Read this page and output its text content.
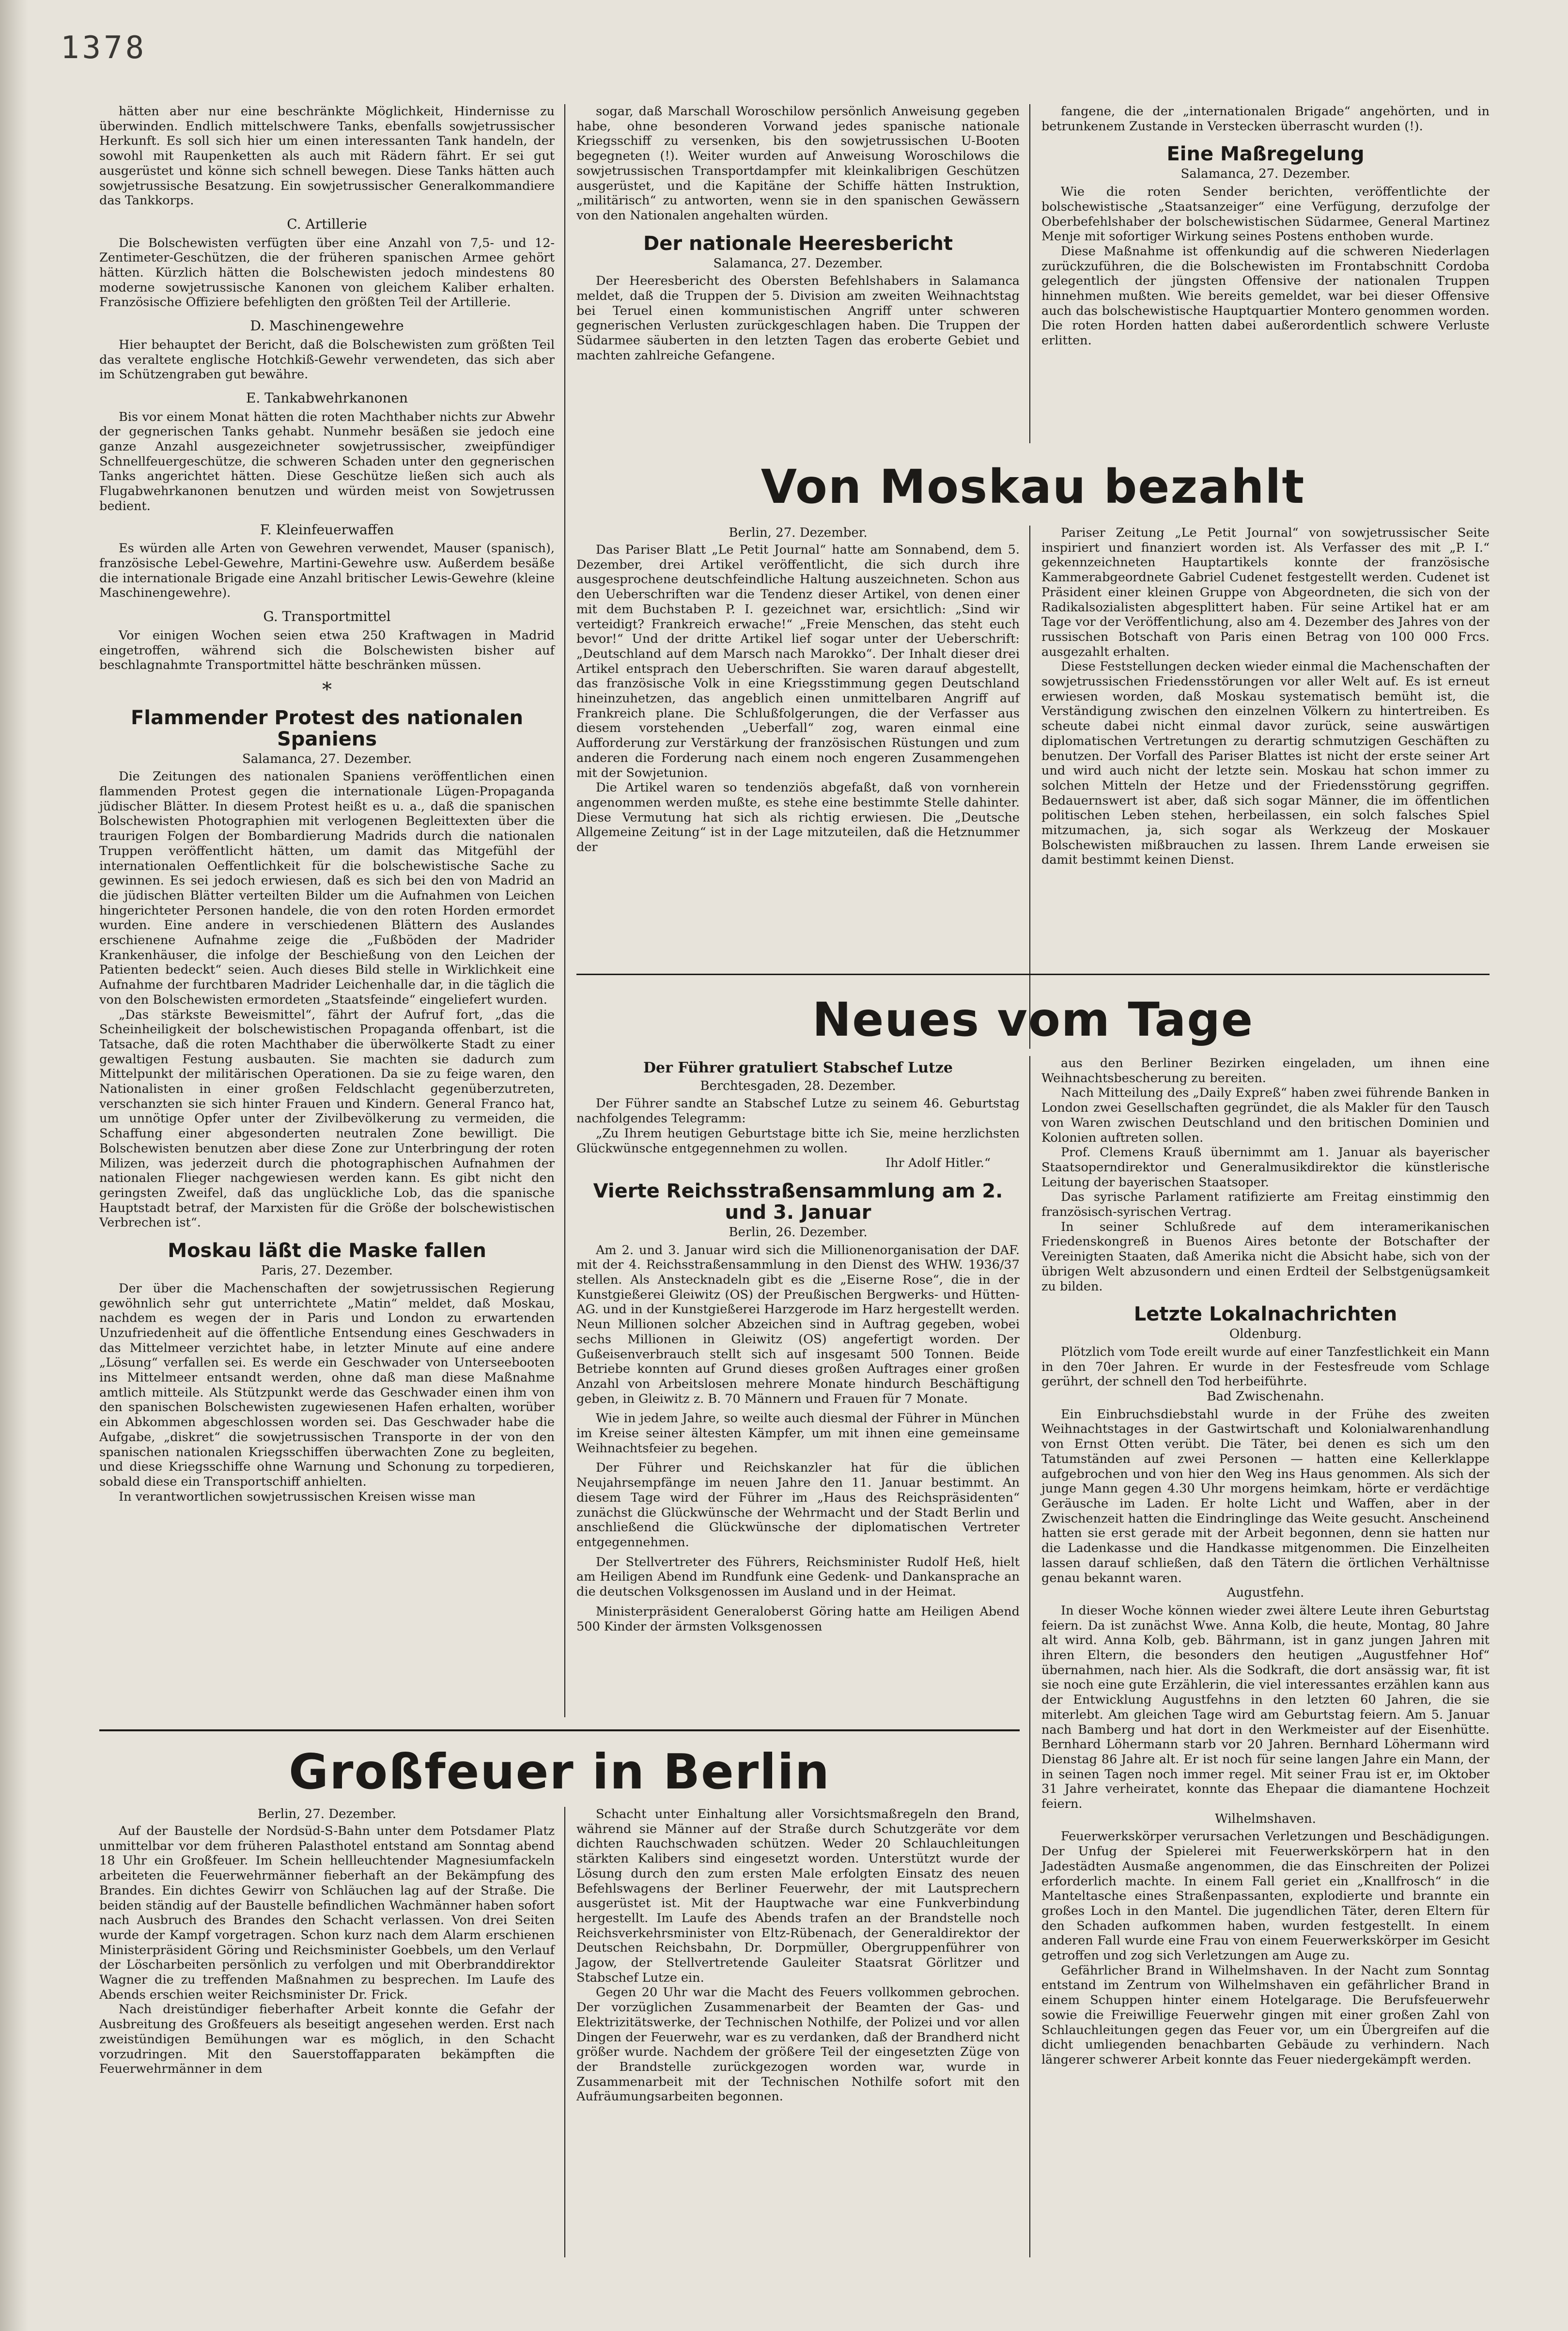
1378

hätten aber nur eine beschränkte Möglichkeit, Hindernisse zu überwinden. Endlich mittelschwere Tanks, ebenfalls sowjetrussischer Herkunft. Es soll sich hier um einen interessanten Tank handeln, der sowohl mit Raupenketten als auch mit Rädern fährt. Er sei gut ausgerüstet und könne sich schnell bewegen. Diese Tanks hätten auch sowjetrussische Besatzung. Ein sowjetrussischer Generalkommandiere das Tankkorps.

C. Artillerie

Die Bolschewisten verfügten über eine Anzahl von 7,5- und 12-Zentimeter-Geschützen, die der früheren spanischen Armee gehört hätten. Kürzlich hätten die Bolschewisten jedoch mindestens 80 moderne sowjetrussische Kanonen von gleichem Kaliber erhalten. Französische Offiziere befehligten den größten Teil der Artillerie.

D. Maschinengewehre

Hier behauptet der Bericht, daß die Bolschewisten zum größten Teil das veraltete englische Hotchkiß-Gewehr verwendeten, das sich aber im Schützengraben gut bewähre.

E. Tankabwehrkanonen

Bis vor einem Monat hätten die roten Machthaber nichts zur Abwehr der gegnerischen Tanks gehabt. Nunmehr besäßen sie jedoch eine ganze Anzahl ausgezeichneter sowjetrussischer, zweipfündiger Schnellfeuergeschütze, die schweren Schaden unter den gegnerischen Tanks angerichtet hätten. Diese Geschütze ließen sich auch als Flugabwehrkanonen benutzen und würden meist von Sowjetrussen bedient.

F. Kleinfeuerwaffen

Es würden alle Arten von Gewehren verwendet, Mauser (spanisch), französische Lebel-Gewehre, Martini-Gewehre usw. Außerdem besäße die internationale Brigade eine Anzahl britischer Lewis-Gewehre (kleine Maschinengewehre).

G. Transportmittel

Vor einigen Wochen seien etwa 250 Kraftwagen in Madrid eingetroffen, während sich die Bolschewisten bisher auf beschlagnahmte Transportmittel hätte beschränken müssen.

*
Flammender Protest des nationalen Spaniens
Salamanca, 27. Dezember.

Die Zeitungen des nationalen Spaniens veröffentlichen einen flammenden Protest gegen die internationale Lügen-Propaganda jüdischer Blätter. In diesem Protest heißt es u. a., daß die spanischen Bolschewisten Photographien mit verlogenen Begleittexten über die traurigen Folgen der Bombardierung Madrids durch die nationalen Truppen veröffentlicht hätten, um damit das Mitgefühl der internationalen Oeffentlichkeit für die bolschewistische Sache zu gewinnen. Es sei jedoch erwiesen, daß es sich bei den von Madrid an die jüdischen Blätter verteilten Bilder um die Aufnahmen von Leichen hingerichteter Personen handele, die von den roten Horden ermordet wurden. Eine andere in verschiedenen Blättern des Auslandes erschienene Aufnahme zeige die „Fußböden der Madrider Krankenhäuser, die infolge der Beschießung von den Leichen der Patienten bedeckt“ seien. Auch dieses Bild stelle in Wirklichkeit eine Aufnahme der furchtbaren Madrider Leichenhalle dar, in die täglich die von den Bolschewisten ermordeten „Staatsfeinde“ eingeliefert wurden.

„Das stärkste Beweismittel“, fährt der Aufruf fort, „das die Scheinheiligkeit der bolschewistischen Propaganda offenbart, ist die Tatsache, daß die roten Machthaber die überwölkerte Stadt zu einer gewaltigen Festung ausbauten. Sie machten sie dadurch zum Mittelpunkt der militärischen Operationen. Da sie zu feige waren, den Nationalisten in einer großen Feldschlacht gegenüberzutreten, verschanzten sie sich hinter Frauen und Kindern. General Franco hat, um unnötige Opfer unter der Zivilbevölkerung zu vermeiden, die Schaffung einer abgesonderten neutralen Zone bewilligt. Die Bolschewisten benutzen aber diese Zone zur Unterbringung der roten Milizen, was jederzeit durch die photographischen Aufnahmen der nationalen Flieger nachgewiesen werden kann. Es gibt nicht den geringsten Zweifel, daß das unglückliche Lob, das die spanische Hauptstadt betraf, der Marxisten für die Größe der bolschewistischen Verbrechen ist“.

Moskau läßt die Maske fallen
Paris, 27. Dezember.

Der über die Machenschaften der sowjetrussischen Regierung gewöhnlich sehr gut unterrichtete „Matin“ meldet, daß Moskau, nachdem es wegen der in Paris und London zu erwartenden Unzufriedenheit auf die öffentliche Entsendung eines Geschwaders in das Mittelmeer verzichtet habe, in letzter Minute auf eine andere „Lösung“ verfallen sei. Es werde ein Geschwader von Unterseebooten ins Mittelmeer entsandt werden, ohne daß man diese Maßnahme amtlich mitteile. Als Stützpunkt werde das Geschwader einen ihm von den spanischen Bolschewisten zugewiesenen Hafen erhalten, worüber ein Abkommen abgeschlossen worden sei. Das Geschwader habe die Aufgabe, „diskret“ die sowjetrussischen Transporte in der von den spanischen nationalen Kriegsschiffen überwachten Zone zu begleiten, und diese Kriegsschiffe ohne Warnung und Schonung zu torpedieren, sobald diese ein Transportschiff anhielten.

In verantwortlichen sowjetrussischen Kreisen wisse man

sogar, daß Marschall Woroschilow persönlich Anweisung gegeben habe, ohne besonderen Vorwand jedes spanische nationale Kriegsschiff zu versenken, bis den sowjetrussischen U-Booten begegneten (!). Weiter wurden auf Anweisung Woroschilows die sowjetrussischen Transportdampfer mit kleinkalibrigen Geschützen ausgerüstet, und die Kapitäne der Schiffe hätten Instruktion, „militärisch“ zu antworten, wenn sie in den spanischen Gewässern von den Nationalen angehalten würden.

Der nationale Heeresbericht
Salamanca, 27. Dezember.

Der Heeresbericht des Obersten Befehlshabers in Salamanca meldet, daß die Truppen der 5. Division am zweiten Weihnachtstag bei Teruel einen kommunistischen Angriff unter schweren gegnerischen Verlusten zurückgeschlagen haben. Die Truppen der Südarmee säuberten in den letzten Tagen das eroberte Gebiet und machten zahlreiche Gefangene.

fangene, die der „internationalen Brigade“ angehörten, und in betrunkenem Zustande in Verstecken überrascht wurden (!).

Eine Maßregelung
Salamanca, 27. Dezember.

Wie die roten Sender berichten, veröffentlichte der bolschewistische „Staatsanzeiger“ eine Verfügung, derzufolge der Oberbefehlshaber der bolschewistischen Südarmee, General Martinez Menje mit sofortiger Wirkung seines Postens enthoben wurde.

Diese Maßnahme ist offenkundig auf die schweren Niederlagen zurückzuführen, die die Bolschewisten im Frontabschnitt Cordoba gelegentlich der jüngsten Offensive der nationalen Truppen hinnehmen mußten. Wie bereits gemeldet, war bei dieser Offensive auch das bolschewistische Hauptquartier Montero genommen worden. Die roten Horden hatten dabei außerordentlich schwere Verluste erlitten.

Von Moskau bezahlt
Berlin, 27. Dezember.

Das Pariser Blatt „Le Petit Journal“ hatte am Sonnabend, dem 5. Dezember, drei Artikel veröffentlicht, die sich durch ihre ausgesprochene deutschfeindliche Haltung auszeichneten. Schon aus den Ueberschriften war die Tendenz dieser Artikel, von denen einer mit dem Buchstaben P. I. gezeichnet war, ersichtlich: „Sind wir verteidigt? Frankreich erwache!“ „Freie Menschen, das steht euch bevor!“ Und der dritte Artikel lief sogar unter der Ueberschrift: „Deutschland auf dem Marsch nach Marokko“. Der Inhalt dieser drei Artikel entsprach den Ueberschriften. Sie waren darauf abgestellt, das französische Volk in eine Kriegsstimmung gegen Deutschland hineinzuhetzen, das angeblich einen unmittelbaren Angriff auf Frankreich plane. Die Schlußfolgerungen, die der Verfasser aus diesem vorstehenden „Ueberfall“ zog, waren einmal eine Aufforderung zur Verstärkung der französischen Rüstungen und zum anderen die Forderung nach einem noch engeren Zusammengehen mit der Sowjetunion.

Die Artikel waren so tendenziös abgefaßt, daß von vornherein angenommen werden mußte, es stehe eine bestimmte Stelle dahinter. Diese Vermutung hat sich als richtig erwiesen. Die „Deutsche Allgemeine Zeitung“ ist in der Lage mitzuteilen, daß die Hetznummer der

Pariser Zeitung „Le Petit Journal“ von sowjetrussischer Seite inspiriert und finanziert worden ist. Als Verfasser des mit „P. I.“ gekennzeichneten Hauptartikels konnte der französische Kammerabgeordnete Gabriel Cudenet festgestellt werden. Cudenet ist Präsident einer kleinen Gruppe von Abgeordneten, die sich von der Radikalsozialisten abgesplittert haben. Für seine Artikel hat er am Tage vor der Veröffentlichung, also am 4. Dezember des Jahres von der russischen Botschaft von Paris einen Betrag von 100 000 Frcs. ausgezahlt erhalten.

Diese Feststellungen decken wieder einmal die Machenschaften der sowjetrussischen Friedensstörungen vor aller Welt auf. Es ist erneut erwiesen worden, daß Moskau systematisch bemüht ist, die Verständigung zwischen den einzelnen Völkern zu hintertreiben. Es scheute dabei nicht einmal davor zurück, seine auswärtigen diplomatischen Vertretungen zu derartig schmutzigen Geschäften zu benutzen. Der Vorfall des Pariser Blattes ist nicht der erste seiner Art und wird auch nicht der letzte sein. Moskau hat schon immer zu solchen Mitteln der Hetze und der Friedensstörung gegriffen. Bedauernswert ist aber, daß sich sogar Männer, die im öffentlichen politischen Leben stehen, herbeilassen, ein solch falsches Spiel mitzumachen, ja, sich sogar als Werkzeug der Moskauer Bolschewisten mißbrauchen zu lassen. Ihrem Lande erweisen sie damit bestimmt keinen Dienst.

Neues vom Tage
Der Führer gratuliert Stabschef Lutze
Berchtesgaden, 28. Dezember.

Der Führer sandte an Stabschef Lutze zu seinem 46. Geburtstag nachfolgendes Telegramm:

„Zu Ihrem heutigen Geburtstage bitte ich Sie, meine herzlichsten Glückwünsche entgegennehmen zu wollen.

Ihr Adolf Hitler.“
Vierte Reichsstraßensammlung am 2. und 3. Januar
Berlin, 26. Dezember.

Am 2. und 3. Januar wird sich die Millionenorganisation der DAF. mit der 4. Reichsstraßensammlung in den Dienst des WHW. 1936/37 stellen. Als Anstecknadeln gibt es die „Eiserne Rose“, die in der Kunstgießerei Gleiwitz (OS) der Preußischen Bergwerks- und Hütten-AG. und in der Kunstgießerei Harzgerode im Harz hergestellt werden. Neun Millionen solcher Abzeichen sind in Auftrag gegeben, wobei sechs Millionen in Gleiwitz (OS) angefertigt worden. Der Gußeisenverbrauch stellt sich auf insgesamt 500 Tonnen. Beide Betriebe konnten auf Grund dieses großen Auftrages einer großen Anzahl von Arbeitslosen mehrere Monate hindurch Beschäftigung geben, in Gleiwitz z. B. 70 Männern und Frauen für 7 Monate.

Wie in jedem Jahre, so weilte auch diesmal der Führer in München im Kreise seiner ältesten Kämpfer, um mit ihnen eine gemeinsame Weihnachtsfeier zu begehen.

Der Führer und Reichskanzler hat für die üblichen Neujahrsempfänge im neuen Jahre den 11. Januar bestimmt. An diesem Tage wird der Führer im „Haus des Reichspräsidenten“ zunächst die Glückwünsche der Wehrmacht und der Stadt Berlin und anschließend die Glückwünsche der diplomatischen Vertreter entgegennehmen.

Der Stellvertreter des Führers, Reichsminister Rudolf Heß, hielt am Heiligen Abend im Rundfunk eine Gedenk- und Dankansprache an die deutschen Volksgenossen im Ausland und in der Heimat.

Ministerpräsident Generaloberst Göring hatte am Heiligen Abend 500 Kinder der ärmsten Volksgenossen

aus den Berliner Bezirken eingeladen, um ihnen eine Weihnachtsbescherung zu bereiten.

Nach Mitteilung des „Daily Expreß“ haben zwei führende Banken in London zwei Gesellschaften gegründet, die als Makler für den Tausch von Waren zwischen Deutschland und den britischen Dominien und Kolonien auftreten sollen.

Prof. Clemens Krauß übernimmt am 1. Januar als bayerischer Staatsoperndirektor und Generalmusikdirektor die künstlerische Leitung der bayerischen Staatsoper.

Das syrische Parlament ratifizierte am Freitag einstimmig den französisch-syrischen Vertrag.

In seiner Schlußrede auf dem interamerikanischen Friedenskongreß in Buenos Aires betonte der Botschafter der Vereinigten Staaten, daß Amerika nicht die Absicht habe, sich von der übrigen Welt abzusondern und einen Erdteil der Selbstgenügsamkeit zu bilden.

Letzte Lokalnachrichten
Oldenburg.

Plötzlich vom Tode ereilt wurde auf einer Tanzfestlichkeit ein Mann in den 70er Jahren. Er wurde in der Festesfreude vom Schlage gerührt, der schnell den Tod herbeiführte.

Bad Zwischenahn.

Ein Einbruchsdiebstahl wurde in der Frühe des zweiten Weihnachtstages in der Gastwirtschaft und Kolonialwarenhandlung von Ernst Otten verübt. Die Täter, bei denen es sich um den Tatumständen auf zwei Personen — hatten eine Kellerklappe aufgebrochen und von hier den Weg ins Haus genommen. Als sich der junge Mann gegen 4.30 Uhr morgens heimkam, hörte er verdächtige Geräusche im Laden. Er holte Licht und Waffen, aber in der Zwischenzeit hatten die Eindringlinge das Weite gesucht. Anscheinend hatten sie erst gerade mit der Arbeit begonnen, denn sie hatten nur die Ladenkasse und die Handkasse mitgenommen. Die Einzelheiten lassen darauf schließen, daß den Tätern die örtlichen Verhältnisse genau bekannt waren.

Augustfehn.

In dieser Woche können wieder zwei ältere Leute ihren Geburtstag feiern. Da ist zunächst Wwe. Anna Kolb, die heute, Montag, 80 Jahre alt wird. Anna Kolb, geb. Bährmann, ist in ganz jungen Jahren mit ihren Eltern, die besonders den heutigen „Augustfehner Hof“ übernahmen, nach hier. Als die Sodkraft, die dort ansässig war, fit ist sie noch eine gute Erzählerin, die viel interessantes erzählen kann aus der Entwicklung Augustfehns in den letzten 60 Jahren, die sie miterlebt. Am gleichen Tage wird am Geburtstag feiern. Am 5. Januar nach Bamberg und hat dort in den Werkmeister auf der Eisenhütte. Bernhard Löhermann starb vor 20 Jahren. Bernhard Löhermann wird Dienstag 86 Jahre alt. Er ist noch für seine langen Jahre ein Mann, der in seinen Tagen noch immer regel. Mit seiner Frau ist er, im Oktober 31 Jahre verheiratet, konnte das Ehepaar die diamantene Hochzeit feiern.

Wilhelmshaven.

Feuerwerkskörper verursachen Verletzungen und Beschädigungen. Der Unfug der Spielerei mit Feuerwerkskörpern hat in den Jadestädten Ausmaße angenommen, die das Einschreiten der Polizei erforderlich machte. In einem Fall geriet ein „Knallfrosch“ in die Manteltasche eines Straßenpassanten, explodierte und brannte ein großes Loch in den Mantel. Die jugendlichen Täter, deren Eltern für den Schaden aufkommen haben, wurden festgestellt. In einem anderen Fall wurde eine Frau von einem Feuerwerkskörper im Gesicht getroffen und zog sich Verletzungen am Auge zu.

Gefährlicher Brand in Wilhelmshaven. In der Nacht zum Sonntag entstand im Zentrum von Wilhelmshaven ein gefährlicher Brand in einem Schuppen hinter einem Hotelgarage. Die Berufsfeuerwehr sowie die Freiwillige Feuerwehr gingen mit einer großen Zahl von Schlauchleitungen gegen das Feuer vor, um ein Übergreifen auf die dicht umliegenden benachbarten Gebäude zu verhindern. Nach längerer schwerer Arbeit konnte das Feuer niedergekämpft werden.

Großfeuer in Berlin
Berlin, 27. Dezember.

Auf der Baustelle der Nordsüd-S-Bahn unter dem Potsdamer Platz unmittelbar vor dem früheren Palasthotel entstand am Sonntag abend 18 Uhr ein Großfeuer. Im Schein hellleuchtender Magnesiumfackeln arbeiteten die Feuerwehrmänner fieberhaft an der Bekämpfung des Brandes. Ein dichtes Gewirr von Schläuchen lag auf der Straße. Die beiden ständig auf der Baustelle befindlichen Wachmänner haben sofort nach Ausbruch des Brandes den Schacht verlassen. Von drei Seiten wurde der Kampf vorgetragen. Schon kurz nach dem Alarm erschienen Ministerpräsident Göring und Reichsminister Goebbels, um den Verlauf der Löscharbeiten persönlich zu verfolgen und mit Oberbranddirektor Wagner die zu treffenden Maßnahmen zu besprechen. Im Laufe des Abends erschien weiter Reichsminister Dr. Frick.

Nach dreistündiger fieberhafter Arbeit konnte die Gefahr der Ausbreitung des Großfeuers als beseitigt angesehen werden. Erst nach zweistündigen Bemühungen war es möglich, in den Schacht vorzudringen. Mit den Sauerstoffapparaten bekämpften die Feuerwehrmänner in dem

Schacht unter Einhaltung aller Vorsichtsmaßregeln den Brand, während sie Männer auf der Straße durch Schutzgeräte vor dem dichten Rauchschwaden schützen. Weder 20 Schlauchleitungen stärkten Kalibers sind eingesetzt worden. Unterstützt wurde der Lösung durch den zum ersten Male erfolgten Einsatz des neuen Befehlswagens der Berliner Feuerwehr, der mit Lautsprechern ausgerüstet ist. Mit der Hauptwache war eine Funkverbindung hergestellt. Im Laufe des Abends trafen an der Brandstelle noch Reichsverkehrsminister von Eltz-Rübenach, der Generaldirektor der Deutschen Reichsbahn, Dr. Dorpmüller, Obergruppenführer von Jagow, der Stellvertretende Gauleiter Staatsrat Görlitzer und Stabschef Lutze ein.

Gegen 20 Uhr war die Macht des Feuers vollkommen gebrochen. Der vorzüglichen Zusammenarbeit der Beamten der Gas- und Elektrizitätswerke, der Technischen Nothilfe, der Polizei und vor allen Dingen der Feuerwehr, war es zu verdanken, daß der Brandherd nicht größer wurde. Nachdem der größere Teil der eingesetzten Züge von der Brandstelle zurückgezogen worden war, wurde in Zusammenarbeit mit der Technischen Nothilfe sofort mit den Aufräumungsarbeiten begonnen.
